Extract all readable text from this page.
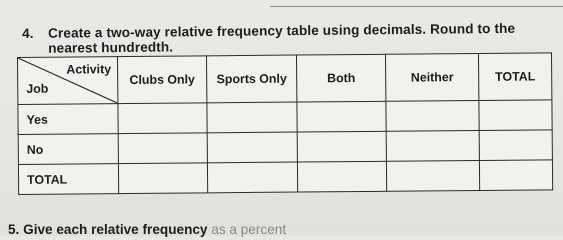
4. Create a two-way relative frequency table using decimals. Round to the
nearest hundredth.
Activity
Job	Clubs Only	Sports Only	Both	Neither	TOTAL
Yes					
No					
TOTAL					
5. Give each relative frequency as a percent
